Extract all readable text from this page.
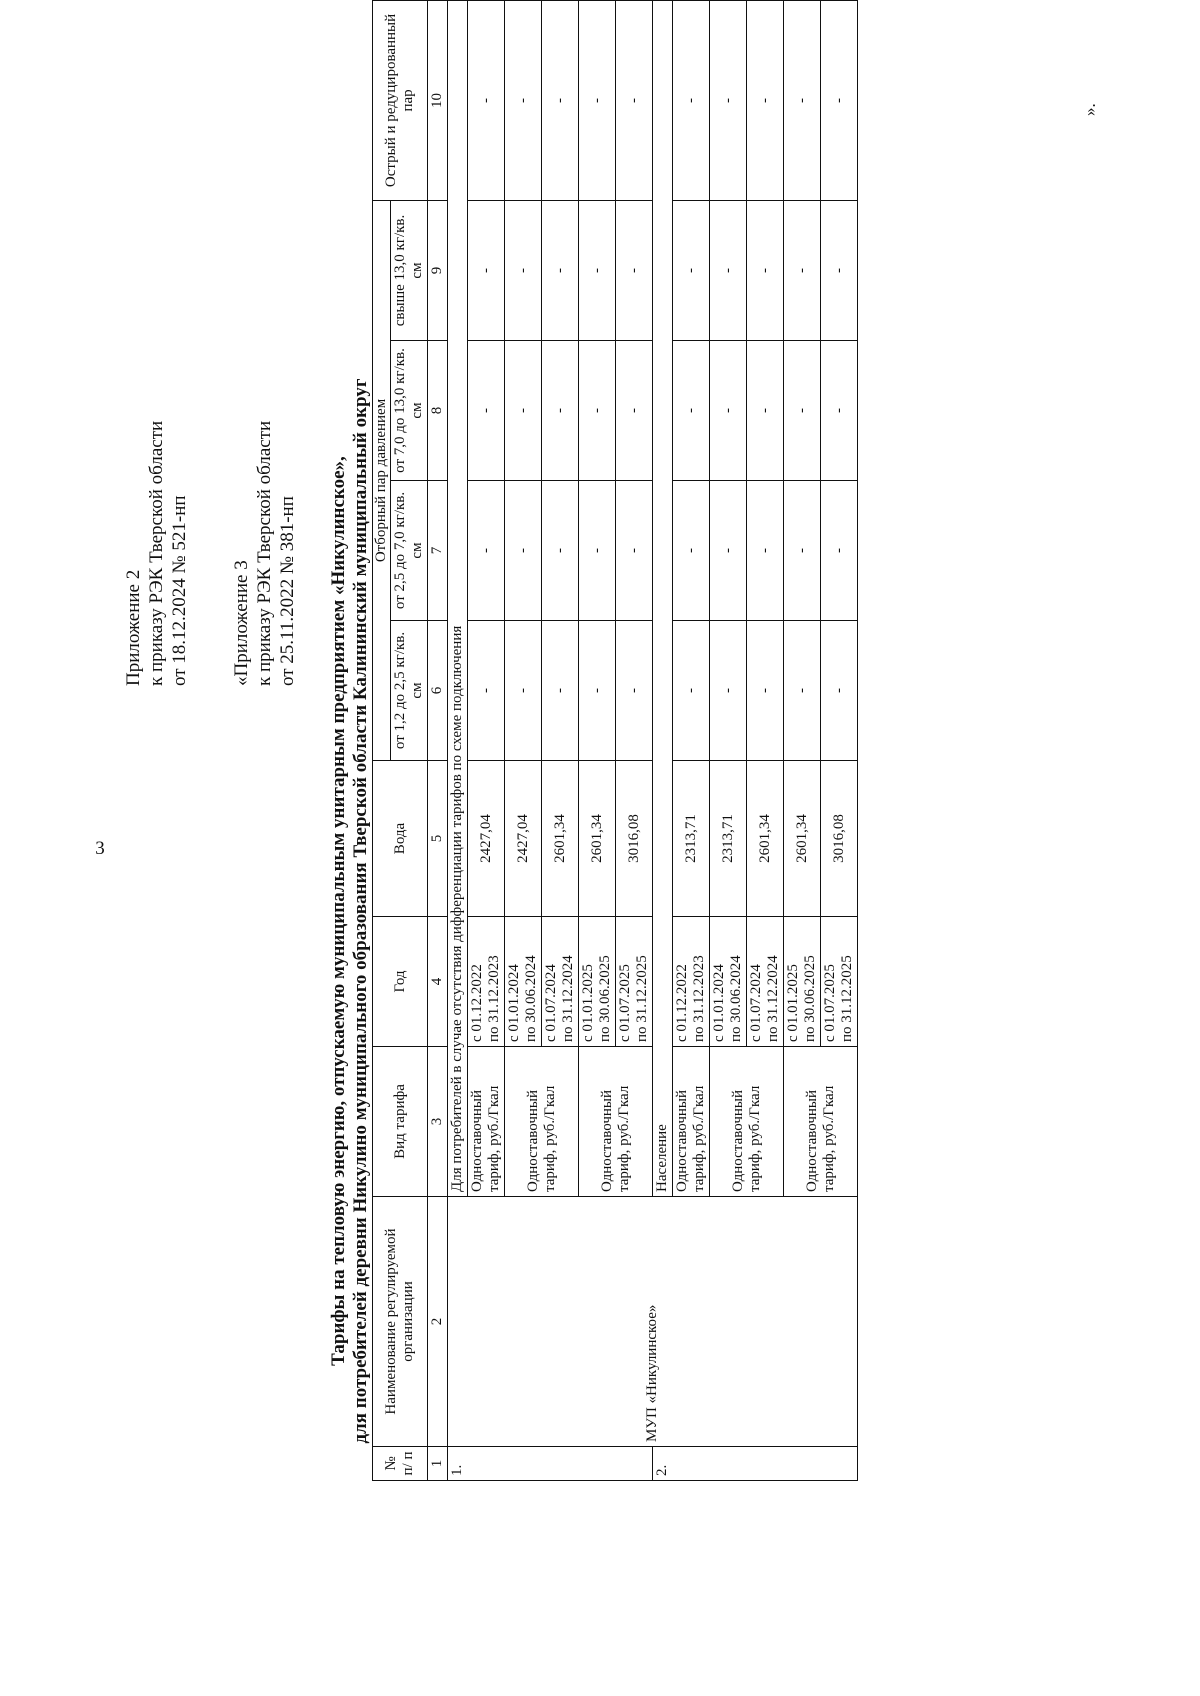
3
Приложение 2 к приказу РЭК Тверской области от 18.12.2024 № 521-нп «Приложение 3 к приказу РЭК Тверской области от 25.11.2022 № 381-нп Тарифы на тепловую энергию, отпускаемую муниципальным унитарным предприятием «Никулинское», для потребителей деревни Никулино муниципального образования Тверской области Калининский муниципальный округ
№ п/ п	Наименование регулируемой организации	Вид тарифа	Год	Вода	Отборный пар давлением				Острый и редуцированный пар
					от 1,2 до 2,5 кг/кв. см	от 2,5 до 7,0 кг/кв. см	от 7,0 до 13,0 кг/кв. см	свыше 13,0 кг/кв. см	
1	2	3	4	5	6	7	8	9	10
1.	МУП «Никулинское»	Для потребителей в случае отсутствия дифференциации тарифов по схеме подключения							
		Одноставочный тариф, руб./Гкал	с 01.12.2022 по 31.12.2023	2427,04	-	-	-	-	-
		Одноставочный тариф, руб./Гкал	с 01.01.2024 по 30.06.2024	2427,04	-	-	-	-	-

			с 01.07.2024 по 31.12.2024	2601,34	-	-	-	-	-
		Одноставочный тариф, руб./Гкал	с 01.01.2025 по 30.06.2025	2601,34	-	-	-	-	-

			с 01.07.2025 по 31.12.2025	3016,08	-	-	-	-	-
2.		Население							
		Одноставочный тариф, руб./Гкал	с 01.12.2022 по 31.12.2023	2313,71	-	-	-	-	-
		Одноставочный тариф, руб./Гкал	с 01.01.2024 по 30.06.2024	2313,71	-	-	-	-	-

			с 01.07.2024 по 31.12.2024	2601,34	-	-	-	-	-
		Одноставочный тариф, руб./Гкал	с 01.01.2025 по 30.06.2025	2601,34	-	-	-	-	-

			с 01.07.2025 по 31.12.2025	3016,08	-	-	-	-	-
».
